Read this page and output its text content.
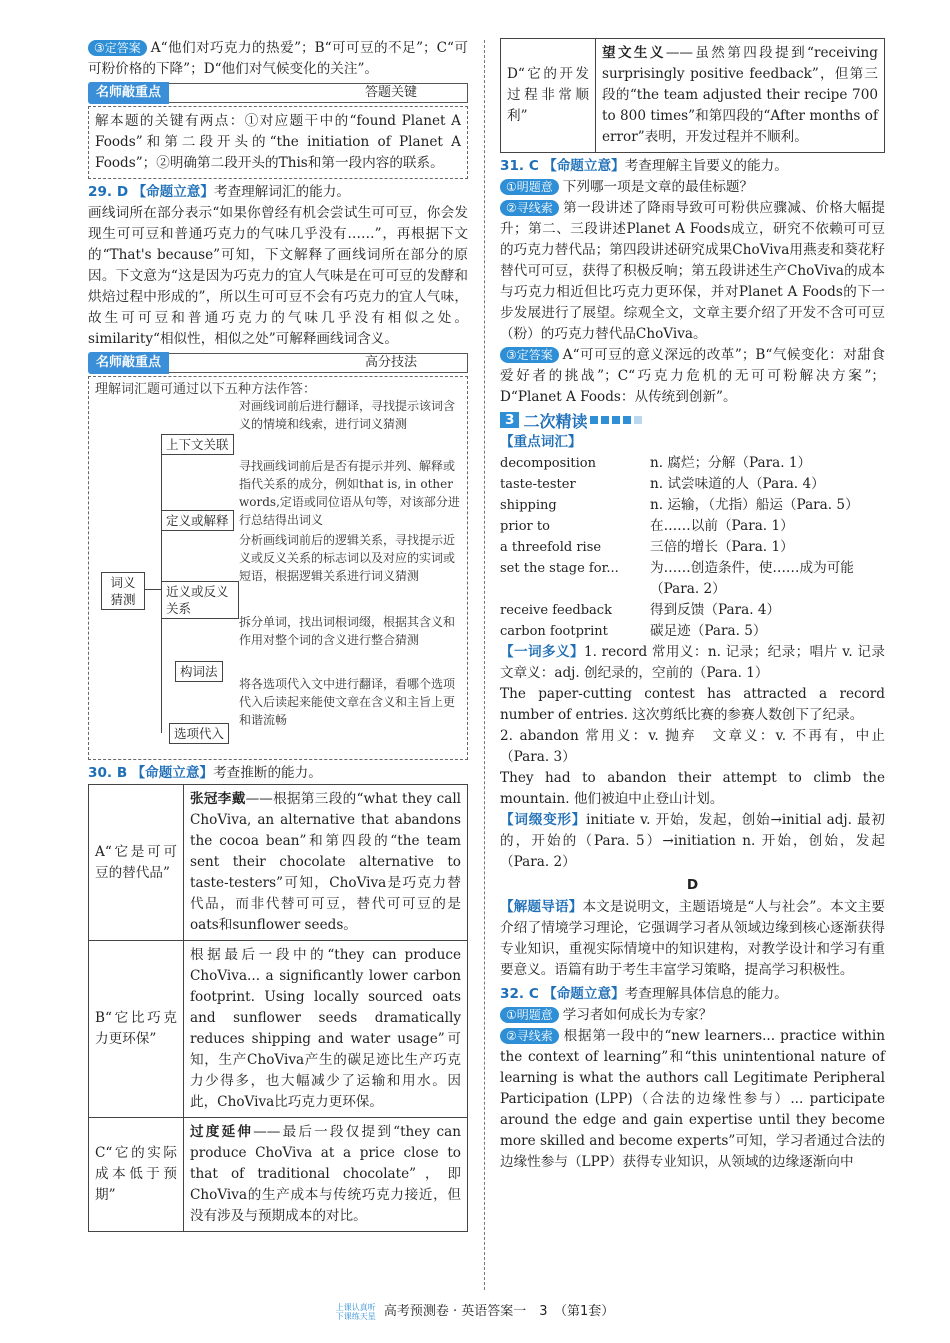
③定答案 A“他们对巧克力的热爱”；B“可可豆的不足”；C“可可粉价格的下降”；D“他们对气候变化的关注”。

名师敲重点	答题关键

解本题的关键有两点：①对应题干中的“found Planet A Foods”和第二段开头的“the initiation of Planet A Foods”；②明确第二段开头的This和第一段内容的联系。

29. D 【命题立意】考查理解词汇的能力。

画线词所在部分表示“如果你曾经有机会尝试生可可豆，你会发现生可可豆和普通巧克力的气味几乎没有……”，再根据下文的“That's because”可知，下文解释了画线词所在部分的原因。下文意为“这是因为巧克力的宜人气味是在可可豆的发酵和烘焙过程中形成的”，所以生可可豆不会有巧克力的宜人气味，故生可可豆和普通巧克力的气味几乎没有相似之处。similarity“相似性，相似之处”可解释画线词含义。

名师敲重点	高分技法
理解词汇题可通过以下五种方法作答：
词义猜测
上下文关联
对画线词前后进行翻译，寻找提示该词含义的情境和线索，进行词义猜测
定义或解释
寻找画线词前后是否有提示并列、解释或指代关系的成分，例如that is, in other words,定语或同位语从句等，对该部分进行总结得出词义
近义或反义关系
分析画线词前后的逻辑关系，寻找提示近义或反义关系的标志词以及对应的实词或短语，根据逻辑关系进行词义猜测
构词法
拆分单词，找出词根词缀，根据其含义和作用对整个词的含义进行整合猜测
选项代入
将各选项代入文中进行翻译，看哪个选项代入后读起来能使文章在含义和主旨上更和谐流畅

30. B 【命题立意】考查推断的能力。

A“它是可可豆的替代品”	张冠李戴——根据第三段的“what they call ChoViva, an alternative that abandons the cocoa bean”和第四段的“the team sent their chocolate alternative to taste-testers”可知，ChoViva是巧克力替代品，而非代替可可豆，替代可可豆的是oats和sunflower seeds。
B“它比巧克力更环保”	根据最后一段中的“they can produce ChoViva... a significantly lower carbon footprint. Using locally sourced oats and sunflower seeds dramatically reduces shipping and water usage”可知，生产ChoViva产生的碳足迹比生产巧克力少得多，也大幅减少了运输和用水。因此，ChoViva比巧克力更环保。
C“它的实际成本低于预期”	过度延伸——最后一段仅提到“they can produce ChoViva at a price close to that of traditional chocolate”，即ChoViva的生产成本与传统巧克力接近，但没有涉及与预期成本的对比。
D“它的开发过程非常顺利”	望文生义——虽然第四段提到“receiving surprisingly positive feedback”，但第三段的“the team adjusted their recipe 700 to 800 times”和第四段的“After months of error”表明，开发过程并不顺利。

31. C 【命题立意】考查理解主旨要义的能力。

①明题意 下列哪一项是文章的最佳标题？

②寻线索 第一段讲述了降雨导致可可粉供应骤减、价格大幅提升；第二、三段讲述Planet A Foods成立，研究不依赖可可豆的巧克力替代品；第四段讲述研究成果ChoViva用燕麦和葵花籽替代可可豆，获得了积极反响；第五段讲述生产ChoViva的成本与巧克力相近但比巧克力更环保，并对Planet A Foods的下一步发展进行了展望。综观全文，文章主要介绍了开发不含可可豆（粉）的巧克力替代品ChoViva。

③定答案 A“可可豆的意义深远的改革”；B“气候变化：对甜食爱好者的挑战”；C“巧克力危机的无可可粉解决方案”；D“Planet A Foods：从传统到创新”。

3 二次精读
【重点词汇】
decomposition	n. 腐烂；分解（Para. 1）
taste-tester	n. 试尝味道的人（Para. 4）
shipping	n. 运输，（尤指）船运（Para. 5）
prior to	在……以前（Para. 1）
a threefold rise	三倍的增长（Para. 1）
set the stage for...	为……创造条件，使……成为可能（Para. 2）
receive feedback	得到反馈（Para. 4）
carbon footprint	碳足迹（Para. 5）

【一词多义】1. record 常用义：n. 记录；纪录；唱片 v. 记录　文章义：adj. 创纪录的，空前的（Para. 1）

The paper-cutting contest has attracted a record number of entries. 这次剪纸比赛的参赛人数创下了纪录。

2. abandon 常用义：v. 抛弃　文章义：v. 不再有，中止（Para. 3）

They had to abandon their attempt to climb the mountain. 他们被迫中止登山计划。

【词缀变形】initiate v. 开始，发起，创始→initial adj. 最初的，开始的（Para. 5）→initiation n. 开始，创始，发起（Para. 2）

D

【解题导语】本文是说明文，主题语境是“人与社会”。本文主要介绍了情境学习理论，它强调学习者从领域边缘到核心逐渐获得专业知识，重视实际情境中的知识建构，对教学设计和学习有重要意义。语篇有助于考生丰富学习策略，提高学习积极性。

32. C 【命题立意】考查理解具体信息的能力。

①明题意 学习者如何成长为专家？

②寻线索 根据第一段中的“new learners... practice within the context of learning”和“this unintentional nature of learning is what the authors call Legitimate Peripheral Participation (LPP)（合法的边缘性参与）... participate around the edge and gain expertise until they become more skilled and become experts”可知，学习者通过合法的边缘性参与（LPP）获得专业知识，从领域的边缘逐渐向中

上课认真听
下课练天星 高考预测卷 · 英语答案一　3　（第1套）
